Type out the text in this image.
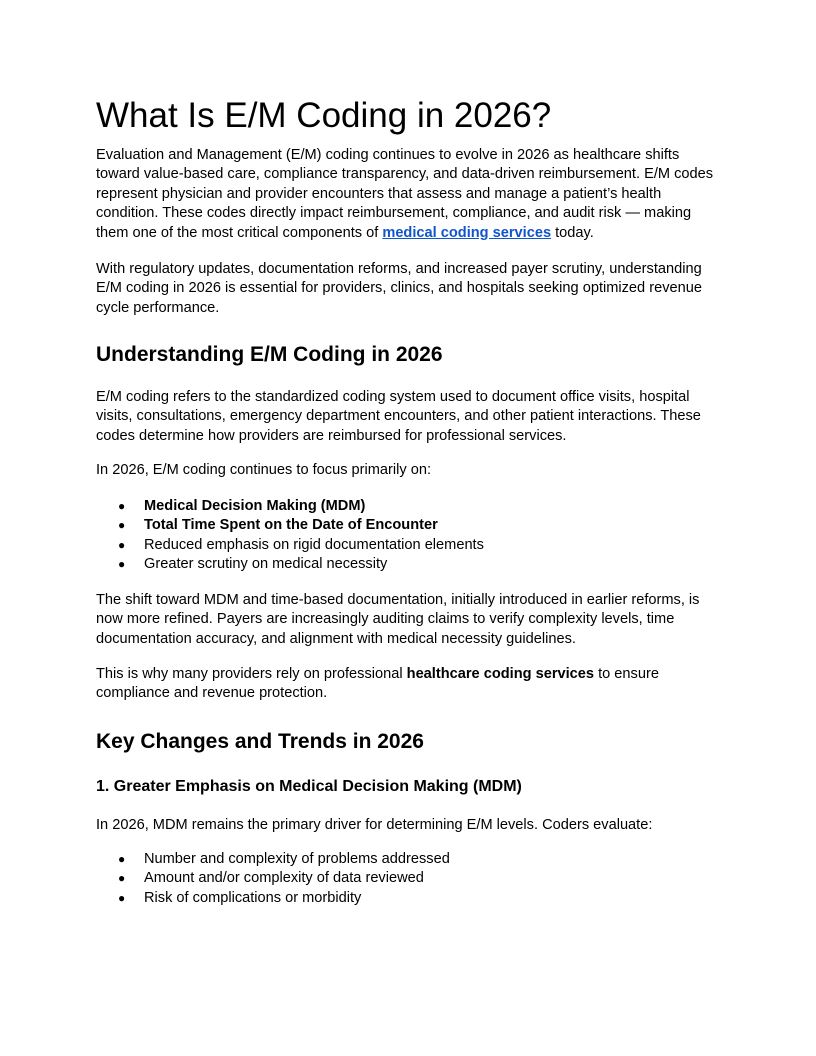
What Is E/M Coding in 2026?

Evaluation and Management (E/M) coding continues to evolve in 2026 as healthcare shifts toward value-based care, compliance transparency, and data-driven reimbursement. E/M codes represent physician and provider encounters that assess and manage a patient’s health condition. These codes directly impact reimbursement, compliance, and audit risk — making them one of the most critical components of medical coding services today.

With regulatory updates, documentation reforms, and increased payer scrutiny, understanding E/M coding in 2026 is essential for providers, clinics, and hospitals seeking optimized revenue cycle performance.

Understanding E/M Coding in 2026

E/M coding refers to the standardized coding system used to document office visits, hospital visits, consultations, emergency department encounters, and other patient interactions. These codes determine how providers are reimbursed for professional services.

In 2026, E/M coding continues to focus primarily on:

● Medical Decision Making (MDM)
● Total Time Spent on the Date of Encounter
● Reduced emphasis on rigid documentation elements
● Greater scrutiny on medical necessity

The shift toward MDM and time-based documentation, initially introduced in earlier reforms, is now more refined. Payers are increasingly auditing claims to verify complexity levels, time documentation accuracy, and alignment with medical necessity guidelines.

This is why many providers rely on professional healthcare coding services to ensure compliance and revenue protection.

Key Changes and Trends in 2026
1. Greater Emphasis on Medical Decision Making (MDM)

In 2026, MDM remains the primary driver for determining E/M levels. Coders evaluate:

● Number and complexity of problems addressed
● Amount and/or complexity of data reviewed
● Risk of complications or morbidity
